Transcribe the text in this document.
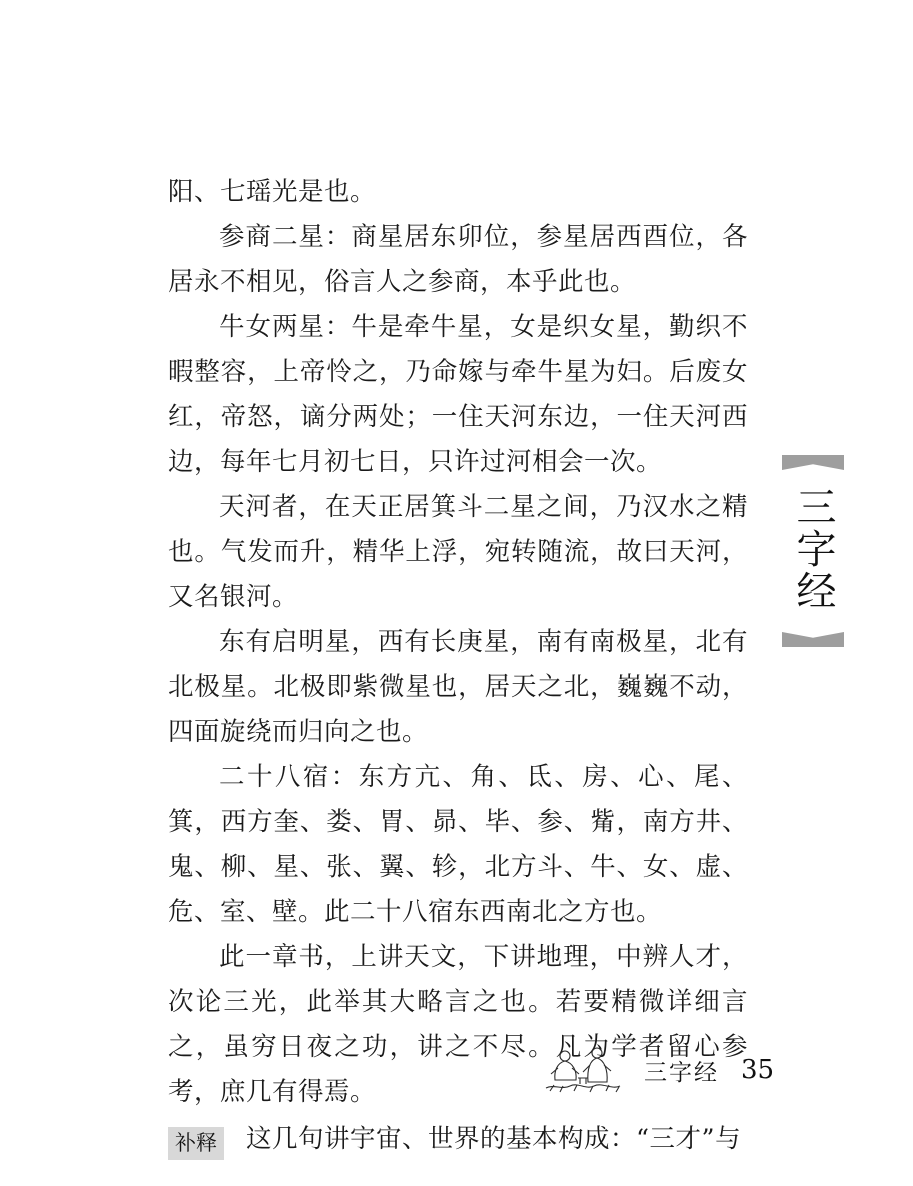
阳、七瑶光是也。

参商二星：商星居东卯位，参星居西酉位，各居永不相见，俗言人之参商，本乎此也。

牛女两星：牛是牵牛星，女是织女星，勤织不暇整容，上帝怜之，乃命嫁与牵牛星为妇。后废女红，帝怒，谪分两处；一住天河东边，一住天河西边，每年七月初七日，只许过河相会一次。

天河者，在天正居箕斗二星之间，乃汉水之精也。气发而升，精华上浮，宛转随流，故曰天河，又名银河。

东有启明星，西有长庚星，南有南极星，北有北极星。北极即紫微星也，居天之北，巍巍不动，四面旋绕而归向之也。

二十八宿：东方亢、角、氐、房、心、尾、箕，西方奎、娄、胃、昴、毕、参、觜，南方井、鬼、柳、星、张、翼、轸，北方斗、牛、女、虚、危、室、壁。此二十八宿东西南北之方也。

此一章书，上讲天文，下讲地理，中辨人才，次论三光，此举其大略言之也。若要精微详细言之，虽穷日夜之功，讲之不尽。凡为学者留心参考，庶几有得焉。

补释	这几句讲宇宙、世界的基本构成：“三才”与
三字经
三字经 35
